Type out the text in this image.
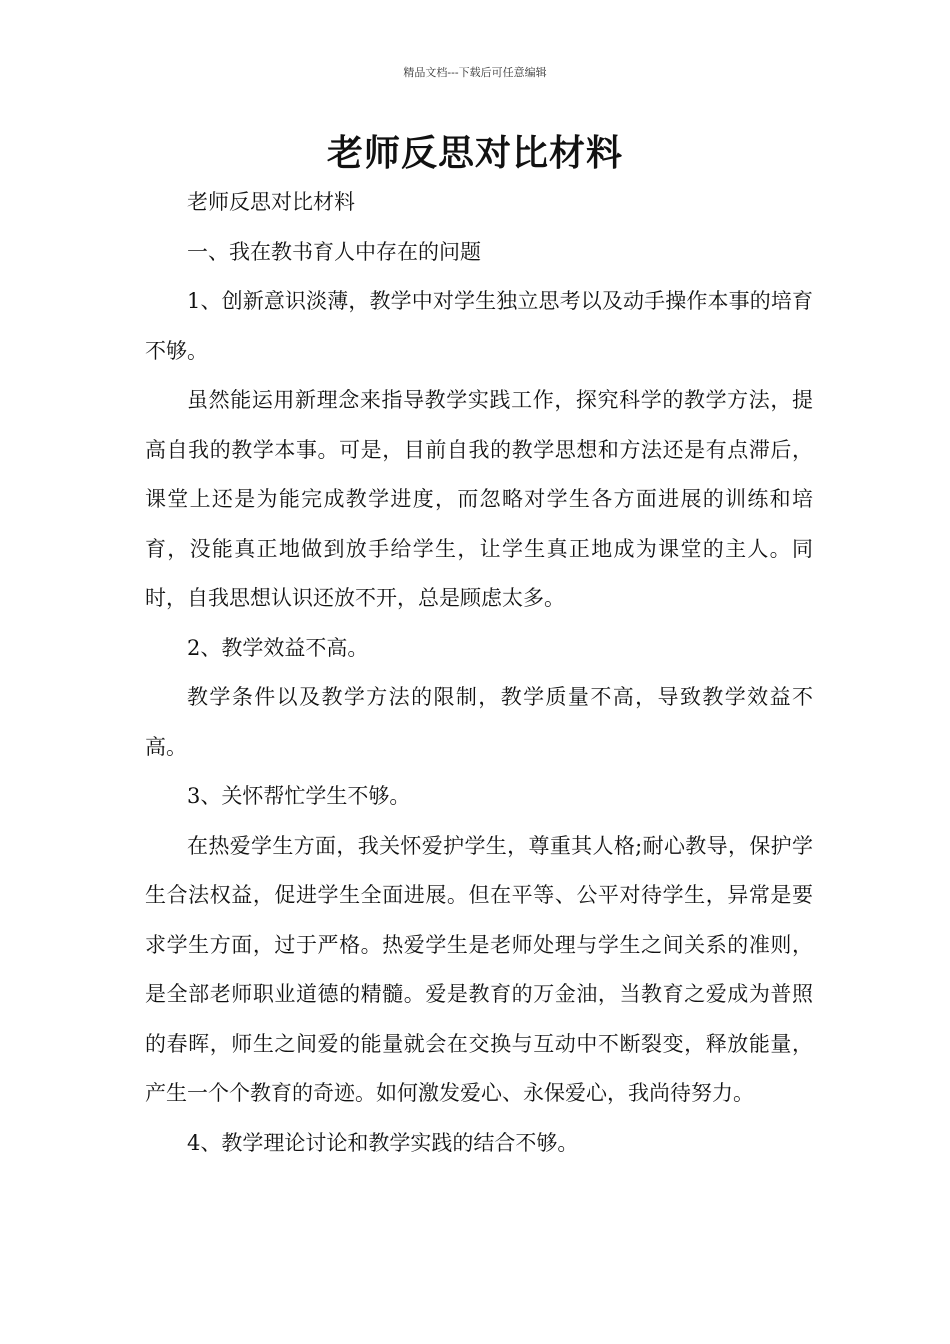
精品文档---下载后可任意编辑
老师反思对比材料

老师反思对比材料

一、我在教书育人中存在的问题

1、创新意识淡薄，教学中对学生独立思考以及动手操作本事的培育不够。

虽然能运用新理念来指导教学实践工作，探究科学的教学方法，提高自我的教学本事。可是，目前自我的教学思想和方法还是有点滞后，课堂上还是为能完成教学进度，而忽略对学生各方面进展的训练和培育，没能真正地做到放手给学生，让学生真正地成为课堂的主人。同时，自我思想认识还放不开，总是顾虑太多。

2、教学效益不高。

教学条件以及教学方法的限制，教学质量不高，导致教学效益不高。

3、关怀帮忙学生不够。

在热爱学生方面，我关怀爱护学生，尊重其人格;耐心教导，保护学生合法权益，促进学生全面进展。但在平等、公平对待学生，异常是要求学生方面，过于严格。热爱学生是老师处理与学生之间关系的准则，是全部老师职业道德的精髓。爱是教育的万金油，当教育之爱成为普照的春晖，师生之间爱的能量就会在交换与互动中不断裂变，释放能量，产生一个个教育的奇迹。如何激发爱心、永保爱心，我尚待努力。

4、教学理论讨论和教学实践的结合不够。
